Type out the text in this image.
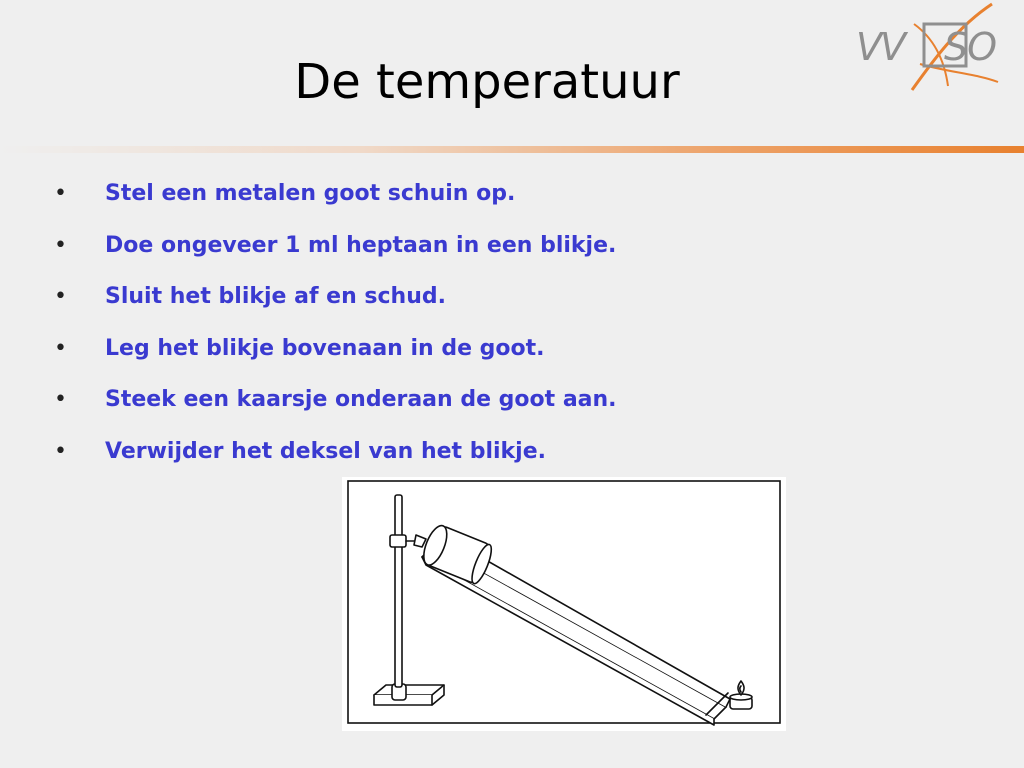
VV SO
De temperatuur
• Stel een metalen goot schuin op.
• Doe ongeveer 1 ml heptaan in een blikje.
• Sluit het blikje af en schud.
• Leg het blikje bovenaan in de goot.
• Steek een kaarsje onderaan de goot aan.
• Verwijder het deksel van het blikje.
